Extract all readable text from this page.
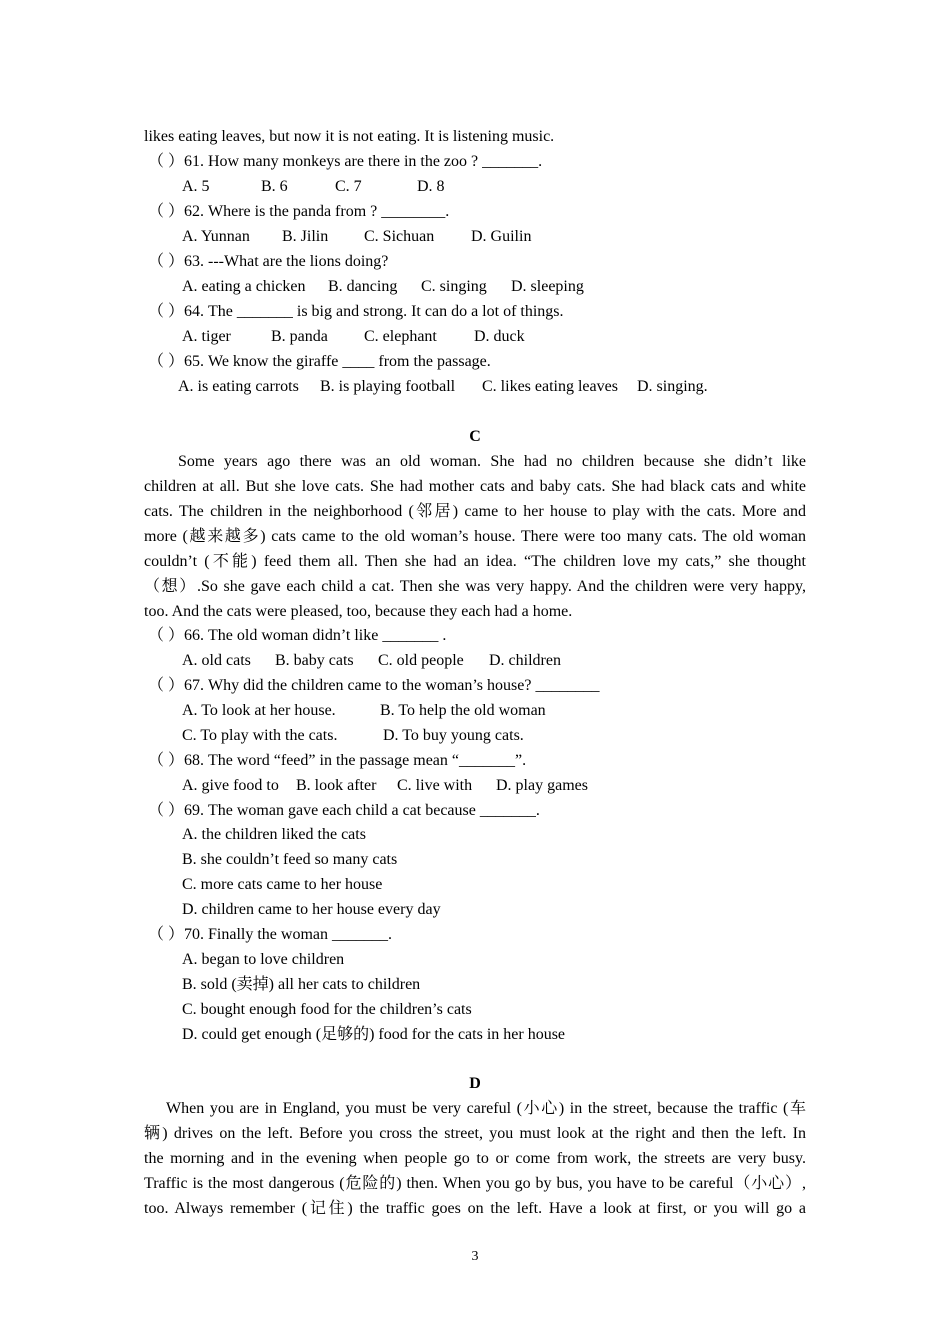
likes eating leaves, but now it is not eating. It is listening music.
（ ）61. How many monkeys are there in the zoo ? _______.
A. 5	B. 6	C. 7	D. 8
（ ）62. Where is the panda from ? ________.
A. Yunnan B. Jilin C. Sichuan D. Guilin
（ ）63. ---What are the lions doing?
A. eating a chicken B. dancing C. singing D. sleeping
（ ）64. The _______ is big and strong. It can do a lot of things.
A. tiger	B. panda C. elephant D. duck
（ ）65. We know the giraffe ____ from the passage.
A. is eating carrots B. is playing football C. likes eating leaves D. singing.
C
Some years ago there was an old woman. She had no children because she didn’t like
children at all. But she love cats. She had mother cats and baby cats. She had black cats and white
cats. The children in the neighborhood (邻居) came to her house to play with the cats. More and
more (越来越多) cats came to the old woman’s house. There were too many cats. The old woman
couldn’t (不能) feed them all. Then she had an idea. “The children love my cats,” she thought
（想）.So she gave each child a cat. Then she was very happy. And the children were very happy,
too. And the cats were pleased, too, because they each had a home.
（ ）66. The old woman didn’t like _______ .
A. old cats B. baby cats C. old people D. children
（ ）67. Why did the children came to the woman’s house? ________
A. To look at her house.	B. To help the old woman
C. To play with the cats.	D. To buy young cats.
（ ）68. The word “feed” in the passage mean “_______”.
A. give food to B. look after C. live with D. play games
（ ）69. The woman gave each child a cat because _______.
A. the children liked the cats
B. she couldn’t feed so many cats
C. more cats came to her house
D. children came to her house every day
（ ）70. Finally the woman _______.
A. began to love children
B. sold (卖掉) all her cats to children
C. bought enough food for the children’s cats
D. could get enough (足够的) food for the cats in her house
D
When you are in England, you must be very careful (小心) in the street, because the traffic (车
辆) drives on the left. Before you cross the street, you must look at the right and then the left. In
the morning and in the evening when people go to or come from work, the streets are very busy.
Traffic is the most dangerous (危险的) then. When you go by bus, you have to be careful（小心）,
too. Always remember (记住) the traffic goes on the left. Have a look at first, or you will go a
3
